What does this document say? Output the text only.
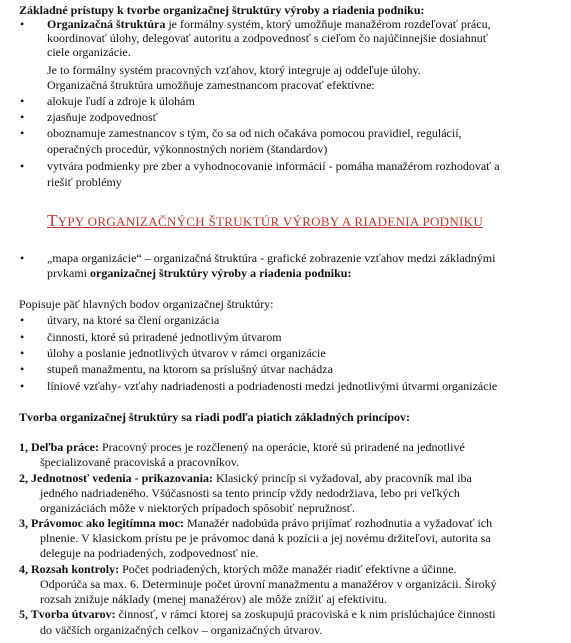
Základné prístupy k tvorbe organizačnej štruktúry výroby a riadenia podniku:
• Organizačná štruktúra je formálny systém, ktorý umožňuje manažérom rozdeľovať prácu,
koordinovať úlohy, delegovať autoritu a zodpovednosť s cieľom čo najúčinnejšie dosiahnuť
ciele organizácie.
Je to formálny systém pracovných vzťahov, ktorý integruje aj oddeľuje úlohy.
Organizačná štruktúra umožňuje zamestnancom pracovať efektívne:
• alokuje ľudí a zdroje k úlohám
• zjasňuje zodpovednosť
• oboznamuje zamestnancov s tým, čo sa od nich očakáva pomocou pravidiel, regulácií,
operačných procedúr, výkonnostných noriem (štandardov)
• vytvára podmienky pre zber a vyhodnocovanie informácií - pomáha manažérom rozhodovať a
riešiť problémy
TYPY ORGANIZAČNÝCH ŠTRUKTÚR VÝROBY A RIADENIA PODNIKU
• „mapa organizácie“ – organizačná štruktúra - grafické zobrazenie vzťahov medzi základnými
prvkami organizačnej štruktúry výroby a riadenia podniku:
Popisuje päť hlavných bodov organizačnej štruktúry:
• útvary, na ktoré sa člení organizácia
• činnosti, ktoré sú priradené jednotlivým útvarom
• úlohy a poslanie jednotlivých útvarov v rámci organizácie
• stupeň manažmentu, na ktorom sa príslušný útvar nachádza
• líniové vzťahy- vzťahy nadriadenosti a podriadenosti medzi jednotlivými útvarmi organizácie
Tvorba organizačnej štruktúry sa riadi podľa piatich základných princípov:
1, Deľba práce: Pracovný proces je rozčlenený na operácie, ktoré sú priradené na jednotlivé
špecializované pracoviská a pracovníkov.
2, Jednotnosť vedenia - prikazovania: Klasický princíp si vyžadoval, aby pracovník mal iba
jedného nadriadeného. Všúčasnosti sa tento princíp vždy nedodržiava, lebo pri veľkých
organizáciách môže v niektorých prípadoch spôsobiť nepružnosť.
3, Právomoc ako legitímna moc: Manažér nadobúda právo prijímať rozhodnutia a vyžadovať ich
plnenie. V klasickom prístu pe je právomoc daná k pozícii a jej novému držiteľovi, autorita sa
deleguje na podriadených, zodpovednosť nie.
4, Rozsah kontroly: Počet podriadených, ktorých môže manažér riadiť efektívne a účinne.
Odporúča sa max. 6. Determinuje počet úrovní manažmentu a manažérov v organizácii. Široký
rozsah znižuje náklady (menej manažérov) ale môže znížiť aj efektivitu.
5, Tvorba útvarov: činnosť, v rámci ktorej sa zoskupujú pracoviská e k nim prislúchajúce činnosti
do väčších organizačných celkov – organizačných útvarov.
